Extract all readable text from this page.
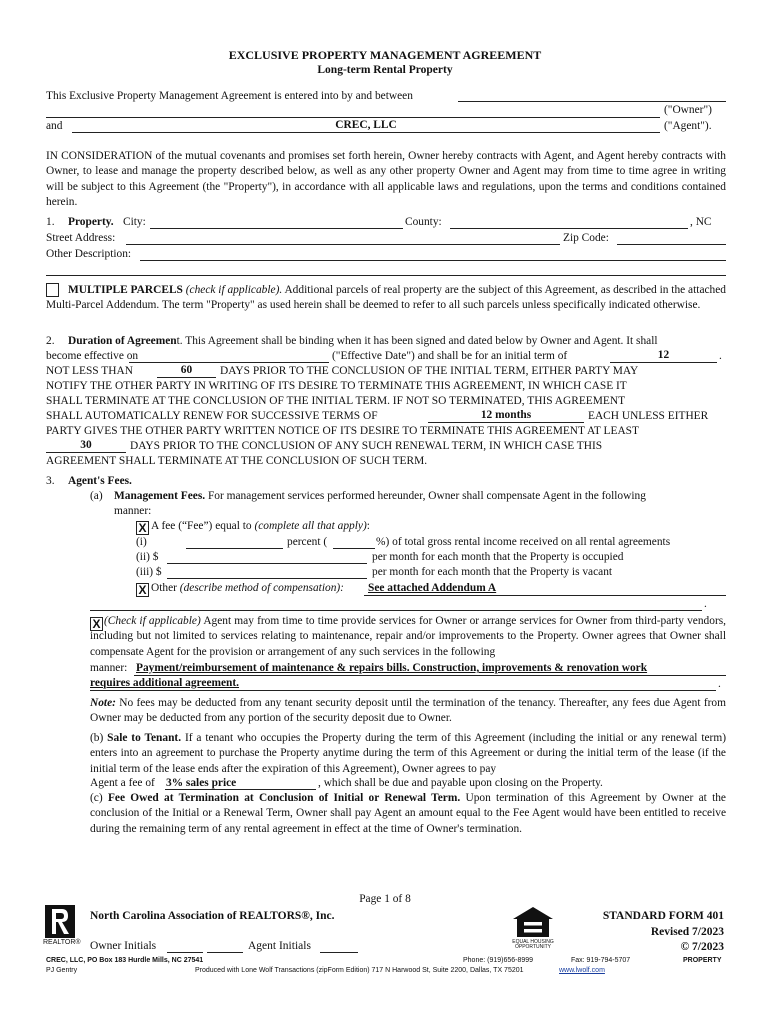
EXCLUSIVE PROPERTY MANAGEMENT AGREEMENT
Long-term Rental Property
This Exclusive Property Management Agreement is entered into by and between
("Owner")
and	CREC, LLC	("Agent").
IN CONSIDERATION of the mutual covenants and promises set forth herein, Owner hereby contracts with Agent, and Agent hereby contracts with Owner, to lease and manage the property described below, as well as any other property Owner and Agent may from time to time agree in writing will be subject to this Agreement (the "Property"), in accordance with all applicable laws and regulations, upon the terms and conditions contained herein.
1. Property. City:	County:	, NC
Street Address:	Zip Code:
Other Description:
MULTIPLE PARCELS (check if applicable). Additional parcels of real property are the subject of this Agreement, as described in the attached Multi-Parcel Addendum. The term "Property" as used herein shall be deemed to refer to all such parcels unless specifically indicated otherwise.
2. Duration of Agreement. This Agreement shall be binding when it has been signed and dated below by Owner and Agent. It shall
become effective on	("Effective Date") and shall be for an initial term of	12	.
NOT LESS THAN	60	DAYS PRIOR TO THE CONCLUSION OF THE INITIAL TERM, EITHER PARTY MAY
NOTIFY THE OTHER PARTY IN WRITING OF ITS DESIRE TO TERMINATE THIS AGREEMENT, IN WHICH CASE IT
SHALL TERMINATE AT THE CONCLUSION OF THE INITIAL TERM. IF NOT SO TERMINATED, THIS AGREEMENT
SHALL AUTOMATICALLY RENEW FOR SUCCESSIVE TERMS OF	12 months	EACH UNLESS EITHER
PARTY GIVES THE OTHER PARTY WRITTEN NOTICE OF ITS DESIRE TO TERMINATE THIS AGREEMENT AT LEAST
30	DAYS PRIOR TO THE CONCLUSION OF ANY SUCH RENEWAL TERM, IN WHICH CASE THIS
AGREEMENT SHALL TERMINATE AT THE CONCLUSION OF SUCH TERM.
3. Agent's Fees.
(a) Management Fees. For management services performed hereunder, Owner shall compensate Agent in the following
manner:
X A fee (“Fee”) equal to (complete all that apply):
(i)	percent (	%) of total gross rental income received on all rental agreements
(ii) $	per month for each month that the Property is occupied
(iii) $	per month for each month that the Property is vacant
X Other (describe method of compensation): See attached Addendum A
.
X (Check if applicable) Agent may from time to time provide services for Owner or arrange services for Owner from third-party vendors, including but not limited to services relating to maintenance, repair and/or improvements to the Property. Owner agrees that Owner shall compensate Agent for the provision or arrangement of any such services in the following
manner: Payment/reimbursement of maintenance & repairs bills. Construction, improvements & renovation work
requires additional agreement.	.
Note: No fees may be deducted from any tenant security deposit until the termination of the tenancy. Thereafter, any fees due Agent from Owner may be deducted from any portion of the security deposit due to Owner.
(b) Sale to Tenant. If a tenant who occupies the Property during the term of this Agreement (including the initial or any renewal term) enters into an agreement to purchase the Property anytime during the term of this Agreement or during the initial term of the lease (if the initial term of the lease ends after the expiration of this Agreement), Owner agrees to pay
Agent a fee of 3% sales price	, which shall be due and payable upon closing on the Property.
(c) Fee Owed at Termination at Conclusion of Initial or Renewal Term. Upon termination of this Agreement by Owner at the conclusion of the Initial or a Renewal Term, Owner shall pay Agent an amount equal to the Fee Agent would have been entitled to receive during the remaining term of any rental agreement in effect at the time of Owner's termination.
Page 1 of 8
REALTOR®
North Carolina Association of REALTORS®, Inc.
Owner Initials	Agent Initials	EQUAL HOUSING OPPORTUNITY
STANDARD FORM 401
Revised 7/2023
© 7/2023
CREC, LLC, PO Box 183 Hurdle Mills, NC 27541	Phone: (919)656-8999	Fax: 919-794-5707	PROPERTY
PJ Gentry	Produced with Lone Wolf Transactions (zipForm Edition) 717 N Harwood St, Suite 2200, Dallas, TX 75201	www.lwolf.com
